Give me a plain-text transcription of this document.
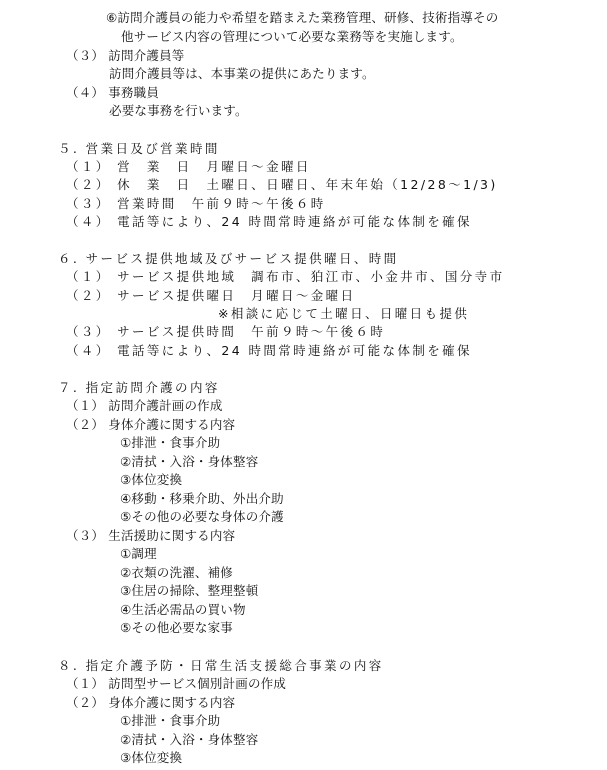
⑥訪問介護員の能力や希望を踏まえた業務管理、研修、技術指導その
他サービス内容の管理について必要な業務等を実施します。
（３） 訪問介護員等
訪問介護員等は、本事業の提供にあたります。
（４） 事務職員
必要な事務を行います。
５. 営業日及び営業時間
（１） 営　業　日　月曜日～金曜日
（２） 休　業　日　土曜日、日曜日、年末年始（12/28～1/3)
（３） 営業時間　午前９時～午後６時
（４） 電話等により、24 時間常時連絡が可能な体制を確保
６. サービス提供地域及びサービス提供曜日、時間
（１） サービス提供地域　調布市、狛江市、小金井市、国分寺市
（２） サービス提供曜日　月曜日～金曜日
※相談に応じて土曜日、日曜日も提供
（３） サービス提供時間　午前９時～午後６時
（４） 電話等により、24 時間常時連絡が可能な体制を確保
７. 指定訪問介護の内容
（１） 訪問介護計画の作成
（２） 身体介護に関する内容
①排泄・食事介助
②清拭・入浴・身体整容
③体位変換
④移動・移乗介助、外出介助
⑤その他の必要な身体の介護
（３） 生活援助に関する内容
①調理
②衣類の洗濯、補修
③住居の掃除、整理整頓
④生活必需品の買い物
⑤その他必要な家事
８. 指定介護予防・日常生活支援総合事業の内容
（１） 訪問型サービス個別計画の作成
（２） 身体介護に関する内容
①排泄・食事介助
②清拭・入浴・身体整容
③体位変換
